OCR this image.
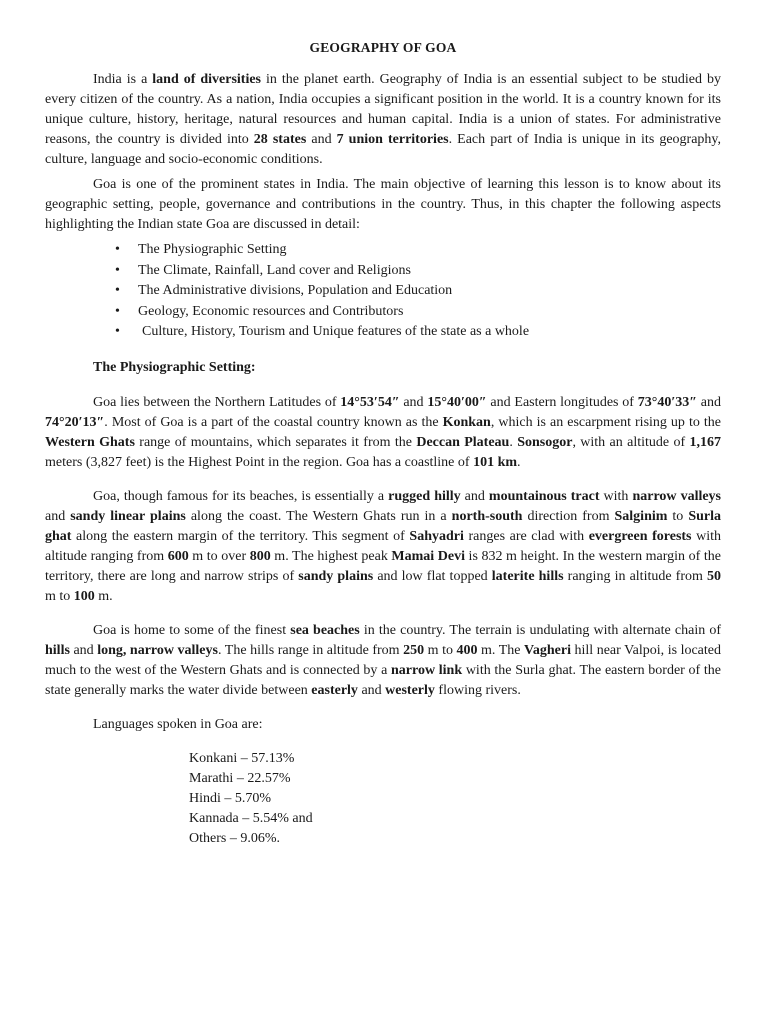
GEOGRAPHY OF GOA

India is a land of diversities in the planet earth. Geography of India is an essential subject to be studied by every citizen of the country. As a nation, India occupies a significant position in the world. It is a country known for its unique culture, history, heritage, natural resources and human capital. India is a union of states. For administrative reasons, the country is divided into 28 states and 7 union territories. Each part of India is unique in its geography, culture, language and socio-economic conditions.

Goa is one of the prominent states in India. The main objective of learning this lesson is to know about its geographic setting, people, governance and contributions in the country. Thus, in this chapter the following aspects highlighting the Indian state Goa are discussed in detail:

• The Physiographic Setting
• The Climate, Rainfall, Land cover and Religions
• The Administrative divisions, Population and Education
• Geology, Economic resources and Contributors
• Culture, History, Tourism and Unique features of the state as a whole
The Physiographic Setting:

Goa lies between the Northern Latitudes of 14°53′54″ and 15°40′00″ and Eastern longitudes of 73°40′33″ and 74°20′13″. Most of Goa is a part of the coastal country known as the Konkan, which is an escarpment rising up to the Western Ghats range of mountains, which separates it from the Deccan Plateau. Sonsogor, with an altitude of 1,167 meters (3,827 feet) is the Highest Point in the region. Goa has a coastline of 101 km.

Goa, though famous for its beaches, is essentially a rugged hilly and mountainous tract with narrow valleys and sandy linear plains along the coast. The Western Ghats run in a north-south direction from Salginim to Surla ghat along the eastern margin of the territory. This segment of Sahyadri ranges are clad with evergreen forests with altitude ranging from 600 m to over 800 m. The highest peak Mamai Devi is 832 m height. In the western margin of the territory, there are long and narrow strips of sandy plains and low flat topped laterite hills ranging in altitude from 50 m to 100 m.

Goa is home to some of the finest sea beaches in the country. The terrain is undulating with alternate chain of hills and long, narrow valleys. The hills range in altitude from 250 m to 400 m. The Vagheri hill near Valpoi, is located much to the west of the Western Ghats and is connected by a narrow link with the Surla ghat. The eastern border of the state generally marks the water divide between easterly and westerly flowing rivers.

Languages spoken in Goa are:
Konkani – 57.13%
Marathi – 22.57%
Hindi – 5.70%
Kannada – 5.54% and
Others – 9.06%.
